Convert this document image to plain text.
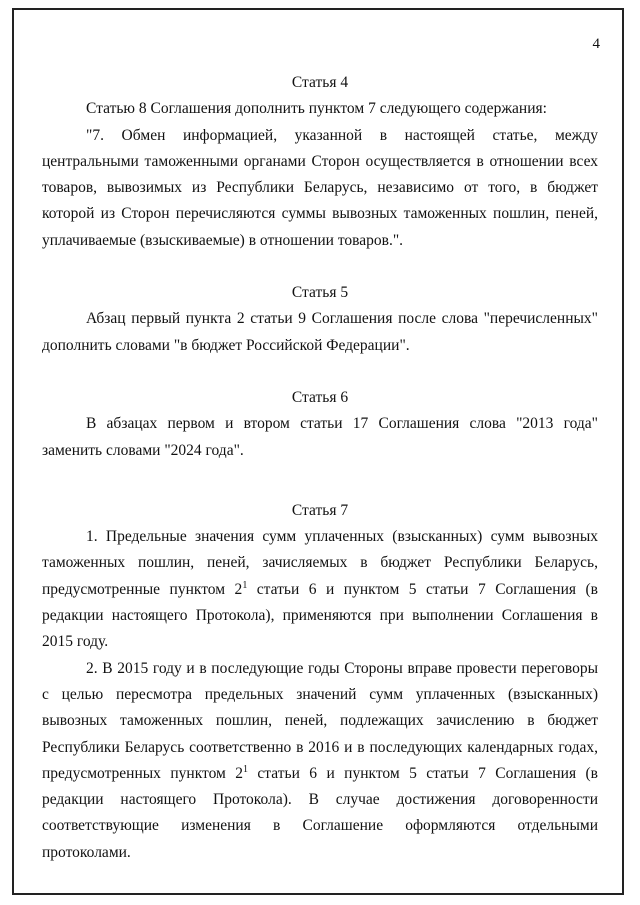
4
Статья 4

Статью 8 Соглашения дополнить пунктом 7 следующего содержания:

"7. Обмен информацией, указанной в настоящей статье, между центральными таможенными органами Сторон осуществляется в отношении всех товаров, вывозимых из Республики Беларусь, независимо от того, в бюджет которой из Сторон перечисляются суммы вывозных таможенных пошлин, пеней, уплачиваемые (взыскиваемые) в отношении товаров.".

Статья 5

Абзац первый пункта 2 статьи 9 Соглашения после слова "перечисленных" дополнить словами "в бюджет Российской Федерации".

Статья 6

В абзацах первом и втором статьи 17 Соглашения слова "2013 года" заменить словами "2024 года".

Статья 7

1. Предельные значения сумм уплаченных (взысканных) сумм вывозных таможенных пошлин, пеней, зачисляемых в бюджет Республики Беларусь, предусмотренные пунктом $2^1$ статьи 6 и пунктом 5 статьи 7 Соглашения (в редакции настоящего Протокола), применяются при выполнении Соглашения в 2015 году.

2. В 2015 году и в последующие годы Стороны вправе провести переговоры с целью пересмотра предельных значений сумм уплаченных (взысканных) вывозных таможенных пошлин, пеней, подлежащих зачислению в бюджет Республики Беларусь соответственно в 2016 и в последующих календарных годах, предусмотренных пунктом $2^1$ статьи 6 и пунктом 5 статьи 7 Соглашения (в редакции настоящего Протокола). В случае достижения договоренности соответствующие изменения в Соглашение оформляются отдельными протоколами.
